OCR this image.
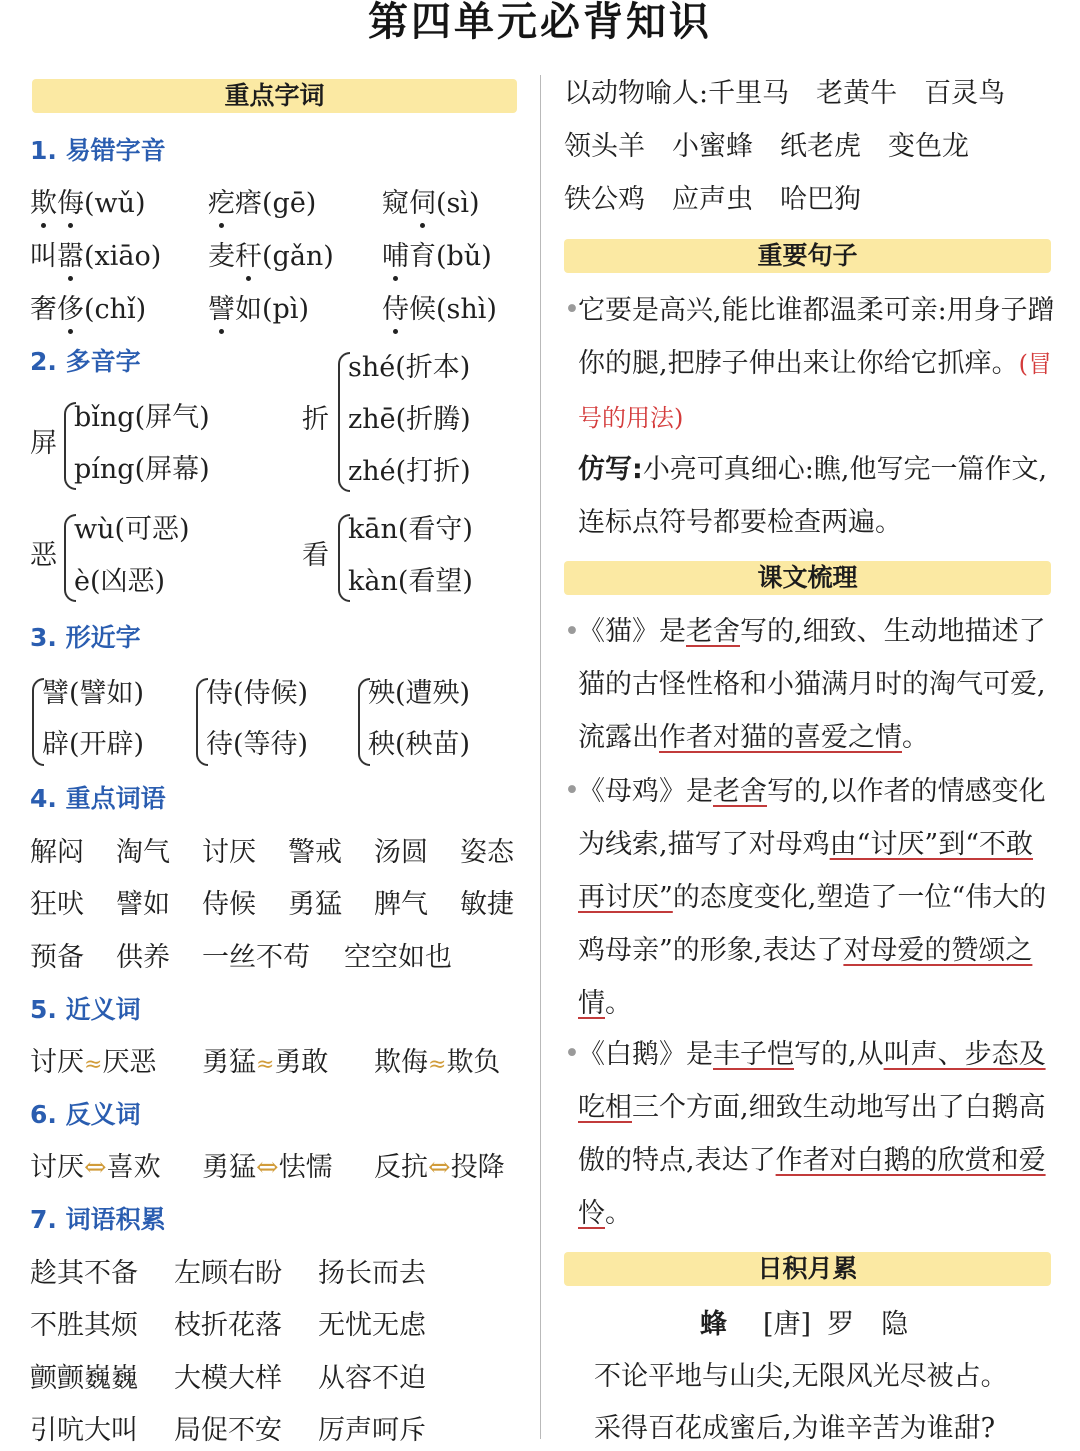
第四单元必背知识
重点字词
1. 易错字音
欺侮(wǔ) 疙瘩(gē) 窥伺(sì)
叫嚣(xiāo) 麦秆(gǎn) 哺育(bǔ)
奢侈(chǐ) 譬如(pì)	侍候(shì)
2. 多音字
屏
bǐng(屏气)
píng(屏幕)
折
shé(折本)
zhē(折腾)
zhé(打折)
恶
wù(可恶)
è(凶恶)
看
kān(看守)
kàn(看望)
3. 形近字
譬(譬如)
辟(开辟)
侍(侍候)
待(等待)
殃(遭殃)
秧(秧苗)
4. 重点词语
解闷 淘气 讨厌 警戒 汤圆 姿态
狂吠 譬如 侍候 勇猛 脾气 敏捷
预备 供养 一丝不苟 空空如也
5. 近义词
讨厌≈厌恶 勇猛≈勇敢 欺侮≈欺负
6. 反义词
讨厌⇔喜欢 勇猛⇔怯懦 反抗⇔投降
7. 词语积累
趁其不备 左顾右盼 扬长而去
不胜其烦 枝折花落 无忧无虑
颤颤巍巍 大模大样 从容不迫
引吭大叫 局促不安 厉声呵斥
以动物喻人:千里马　老黄牛　百灵鸟
领头羊　小蜜蜂　纸老虎　变色龙
铁公鸡　应声虫　哈巴狗
重要句子
•
它要是高兴,能比谁都温柔可亲:用身子蹭你的腿,把脖子伸出来让你给它抓痒。(冒号的用法)
仿写:小亮可真细心:瞧,他写完一篇作文,连标点符号都要检查两遍。
课文梳理
•
《猫》是老舍写的,细致、生动地描述了猫的古怪性格和小猫满月时的淘气可爱,流露出作者对猫的喜爱之情。
•
《母鸡》是老舍写的,以作者的情感变化为线索,描写了对母鸡由“讨厌”到“不敢再讨厌”的态度变化,塑造了一位“伟大的鸡母亲”的形象,表达了对母爱的赞颂之情。
•
《白鹅》是丰子恺写的,从叫声、步态及吃相三个方面,细致生动地写出了白鹅高傲的特点,表达了作者对白鹅的欣赏和爱怜。
日积月累
蜂 [唐] 罗　隐
不论平地与山尖,无限风光尽被占。
采得百花成蜜后,为谁辛苦为谁甜?
